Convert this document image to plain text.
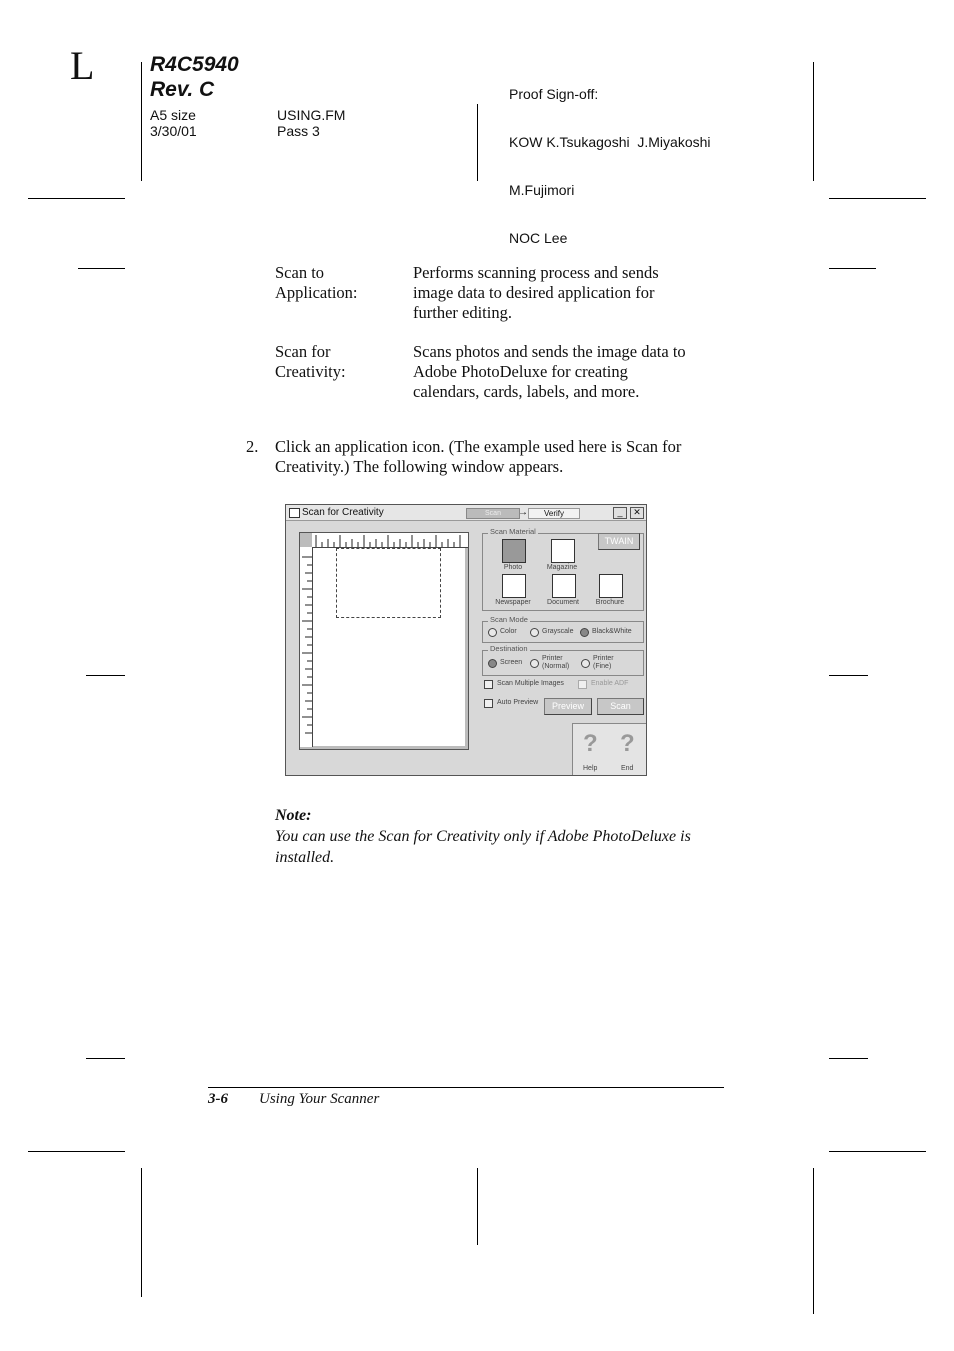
L	R4C5940
Rev. C
A5 size
3/30/01
USING.FM
Pass 3

Proof Sign-off:

KOW K.Tsukagoshi  J.Miyakoshi

M.Fujimori

NOC Lee

Scan to
Application:
Performs scanning process and sends
image data to desired application for
further editing.
Scan for
Creativity:
Scans photos and sends the image data to
Adobe PhotoDeluxe for creating
calendars, cards, labels, and more.
2. Click an application icon. (The example used here is Scan for
Creativity.) The following window appears.
Scan for Creativity	Scan	→	Verify	_	✕
Scan Material
TWAIN
Photo	Magazine
Newspaper	Document	Brochure
Scan Mode
Color	Grayscale	Black&White
Destination
Screen
Printer
(Normal)
Printer
(Fine)
Scan Multiple Images	Enable ADF
Auto Preview	Preview	Scan
?
Help
?
End
Note:
You can use the Scan for Creativity only if Adobe PhotoDeluxe is
installed.
3-6 Using Your Scanner
